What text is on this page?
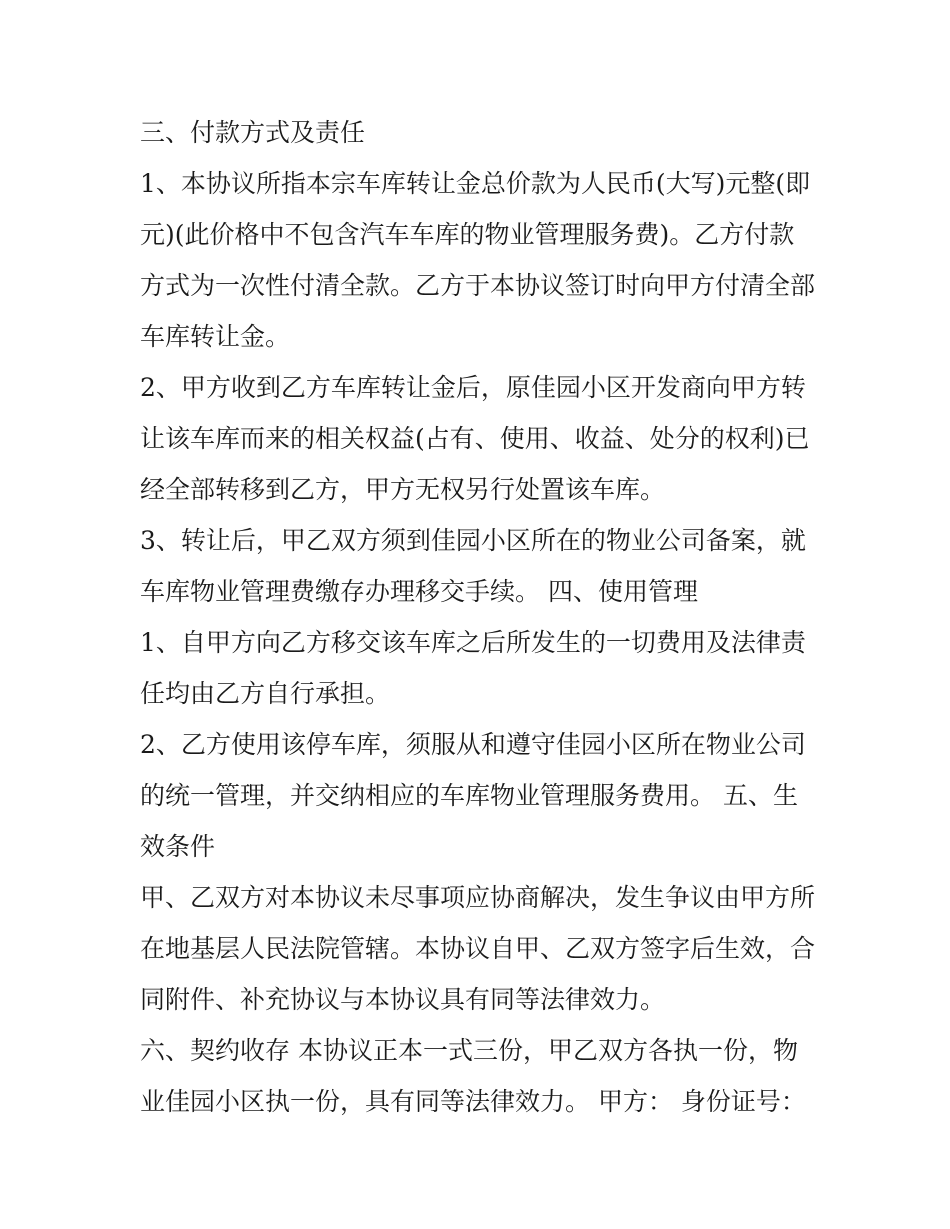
三、付款方式及责任
1、本协议所指本宗车库转让金总价款为人民币(大写)元整(即
元)(此价格中不包含汽车车库的物业管理服务费)。乙方付款
方式为一次性付清全款。乙方于本协议签订时向甲方付清全部
车库转让金。
2、甲方收到乙方车库转让金后，原佳园小区开发商向甲方转
让该车库而来的相关权益(占有、使用、收益、处分的权利)已
经全部转移到乙方，甲方无权另行处置该车库。
3、转让后，甲乙双方须到佳园小区所在的物业公司备案，就
车库物业管理费缴存办理移交手续。 四、使用管理
1、自甲方向乙方移交该车库之后所发生的一切费用及法律责
任均由乙方自行承担。
2、乙方使用该停车库，须服从和遵守佳园小区所在物业公司
的统一管理，并交纳相应的车库物业管理服务费用。 五、生
效条件
甲、乙双方对本协议未尽事项应协商解决，发生争议由甲方所
在地基层人民法院管辖。本协议自甲、乙双方签字后生效，合
同附件、补充协议与本协议具有同等法律效力。
六、契约收存 本协议正本一式三份，甲乙双方各执一份，物
业佳园小区执一份，具有同等法律效力。 甲方： 身份证号：
